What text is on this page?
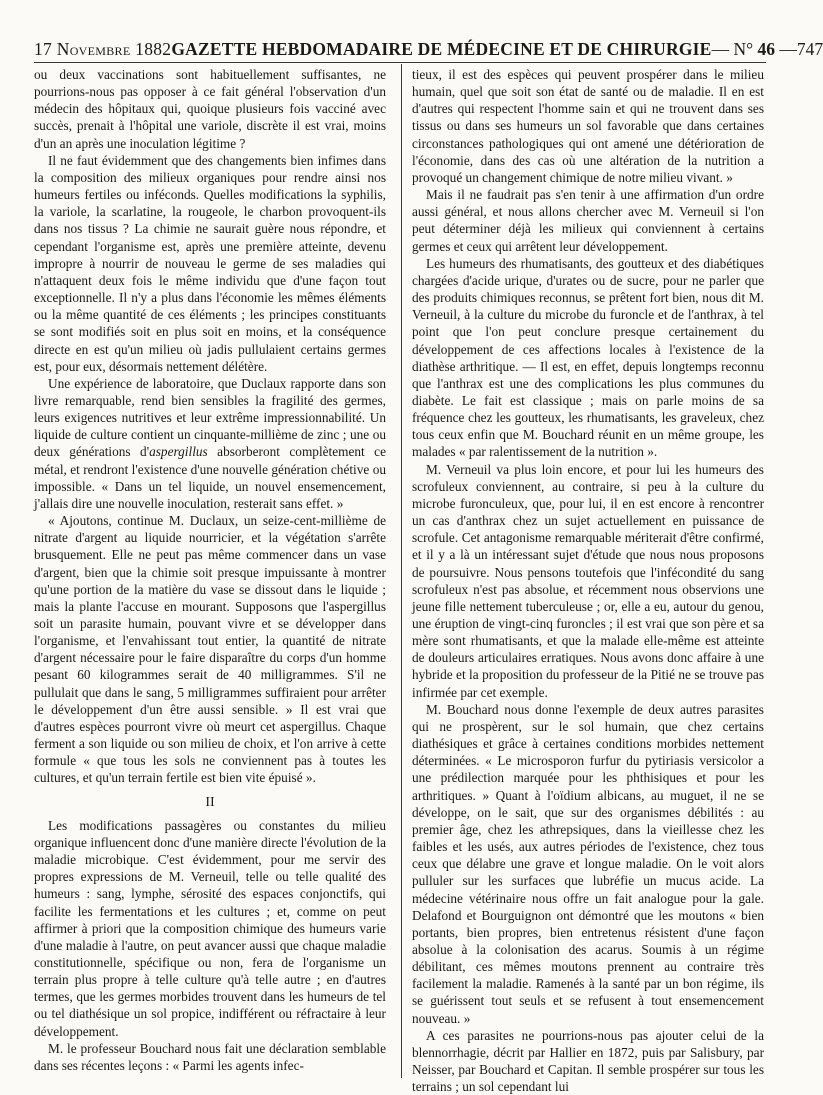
17 Novembre 1882 GAZETTE HEBDOMADAIRE DE MÉDECINE ET DE CHIRURGIE — N° 46 — 747

ou deux vaccinations sont habituellement suffisantes, ne pourrions-nous pas opposer à ce fait général l'observation d'un médecin des hôpitaux qui, quoique plusieurs fois vacciné avec succès, prenait à l'hôpital une variole, discrète il est vrai, moins d'un an après une inoculation légitime ?

Il ne faut évidemment que des changements bien infimes dans la composition des milieux organiques pour rendre ainsi nos humeurs fertiles ou inféconds. Quelles modifications la syphilis, la variole, la scarlatine, la rougeole, le charbon provoquent-ils dans nos tissus ? La chimie ne saurait guère nous répondre, et cependant l'organisme est, après une première atteinte, devenu impropre à nourrir de nouveau le germe de ses maladies qui n'attaquent deux fois le même individu que d'une façon tout exceptionnelle. Il n'y a plus dans l'économie les mêmes éléments ou la même quantité de ces éléments ; les principes constituants se sont modifiés soit en plus soit en moins, et la conséquence directe en est qu'un milieu où jadis pullulaient certains germes est, pour eux, désormais nettement délétère.

Une expérience de laboratoire, que Duclaux rapporte dans son livre remarquable, rend bien sensibles la fragilité des germes, leurs exigences nutritives et leur extrême impressionnabilité. Un liquide de culture contient un cinquante-millième de zinc ; une ou deux générations d'aspergillus absorberont complètement ce métal, et rendront l'existence d'une nouvelle génération chétive ou impossible. « Dans un tel liquide, un nouvel ensemencement, j'allais dire une nouvelle inoculation, resterait sans effet. »

« Ajoutons, continue M. Duclaux, un seize-cent-millième de nitrate d'argent au liquide nourricier, et la végétation s'arrête brusquement. Elle ne peut pas même commencer dans un vase d'argent, bien que la chimie soit presque impuissante à montrer qu'une portion de la matière du vase se dissout dans le liquide ; mais la plante l'accuse en mourant. Supposons que l'aspergillus soit un parasite humain, pouvant vivre et se développer dans l'organisme, et l'envahissant tout entier, la quantité de nitrate d'argent nécessaire pour le faire disparaître du corps d'un homme pesant 60 kilogrammes serait de 40 milligrammes. S'il ne pullulait que dans le sang, 5 milligrammes suffiraient pour arrêter le développement d'un être aussi sensible. » Il est vrai que d'autres espèces pourront vivre où meurt cet aspergillus. Chaque ferment a son liquide ou son milieu de choix, et l'on arrive à cette formule « que tous les sols ne conviennent pas à toutes les cultures, et qu'un terrain fertile est bien vite épuisé ».

II

Les modifications passagères ou constantes du milieu organique influencent donc d'une manière directe l'évolution de la maladie microbique. C'est évidemment, pour me servir des propres expressions de M. Verneuil, telle ou telle qualité des humeurs : sang, lymphe, sérosité des espaces conjonctifs, qui facilite les fermentations et les cultures ; et, comme on peut affirmer à priori que la composition chimique des humeurs varie d'une maladie à l'autre, on peut avancer aussi que chaque maladie constitutionnelle, spécifique ou non, fera de l'organisme un terrain plus propre à telle culture qu'à telle autre ; en d'autres termes, que les germes morbides trouvent dans les humeurs de tel ou tel diathésique un sol propice, indifférent ou réfractaire à leur développement.

M. le professeur Bouchard nous fait une déclaration semblable dans ses récentes leçons : « Parmi les agents infec-

tieux, il est des espèces qui peuvent prospérer dans le milieu humain, quel que soit son état de santé ou de maladie. Il en est d'autres qui respectent l'homme sain et qui ne trouvent dans ses tissus ou dans ses humeurs un sol favorable que dans certaines circonstances pathologiques qui ont amené une détérioration de l'économie, dans des cas où une altération de la nutrition a provoqué un changement chimique de notre milieu vivant. »

Mais il ne faudrait pas s'en tenir à une affirmation d'un ordre aussi général, et nous allons chercher avec M. Verneuil si l'on peut déterminer déjà les milieux qui conviennent à certains germes et ceux qui arrêtent leur développement.

Les humeurs des rhumatisants, des goutteux et des diabétiques chargées d'acide urique, d'urates ou de sucre, pour ne parler que des produits chimiques reconnus, se prêtent fort bien, nous dit M. Verneuil, à la culture du microbe du furoncle et de l'anthrax, à tel point que l'on peut conclure presque certainement du développement de ces affections locales à l'existence de la diathèse arthritique. — Il est, en effet, depuis longtemps reconnu que l'anthrax est une des complications les plus communes du diabète. Le fait est classique ; mais on parle moins de sa fréquence chez les goutteux, les rhumatisants, les graveleux, chez tous ceux enfin que M. Bouchard réunit en un même groupe, les malades « par ralentissement de la nutrition ».

M. Verneuil va plus loin encore, et pour lui les humeurs des scrofuleux conviennent, au contraire, si peu à la culture du microbe furonculeux, que, pour lui, il en est encore à rencontrer un cas d'anthrax chez un sujet actuellement en puissance de scrofule. Cet antagonisme remarquable mériterait d'être confirmé, et il y a là un intéressant sujet d'étude que nous nous proposons de poursuivre. Nous pensons toutefois que l'infécondité du sang scrofuleux n'est pas absolue, et récemment nous observions une jeune fille nettement tuberculeuse ; or, elle a eu, autour du genou, une éruption de vingt-cinq furoncles ; il est vrai que son père et sa mère sont rhumatisants, et que la malade elle-même est atteinte de douleurs articulaires erratiques. Nous avons donc affaire à une hybride et la proposition du professeur de la Pitié ne se trouve pas infirmée par cet exemple.

M. Bouchard nous donne l'exemple de deux autres parasites qui ne prospèrent, sur le sol humain, que chez certains diathésiques et grâce à certaines conditions morbides nettement déterminées. « Le microsporon furfur du pytiriasis versicolor a une prédilection marquée pour les phthisiques et pour les arthritiques. » Quant à l'oïdium albicans, au muguet, il ne se développe, on le sait, que sur des organismes débilités : au premier âge, chez les athrepsiques, dans la vieillesse chez les faibles et les usés, aux autres périodes de l'existence, chez tous ceux que délabre une grave et longue maladie. On le voit alors pulluler sur les surfaces que lubréfie un mucus acide. La médecine vétérinaire nous offre un fait analogue pour la gale. Delafond et Bourguignon ont démontré que les moutons « bien portants, bien propres, bien entretenus résistent d'une façon absolue à la colonisation des acarus. Soumis à un régime débilitant, ces mêmes moutons prennent au contraire très facilement la maladie. Ramenés à la santé par un bon régime, ils se guérissent tout seuls et se refusent à tout ensemencement nouveau. »

A ces parasites ne pourrions-nous pas ajouter celui de la blennorrhagie, décrit par Hallier en 1872, puis par Salisbury, par Neisser, par Bouchard et Capitan. Il semble prospérer sur tous les terrains ; un sol cependant lui
